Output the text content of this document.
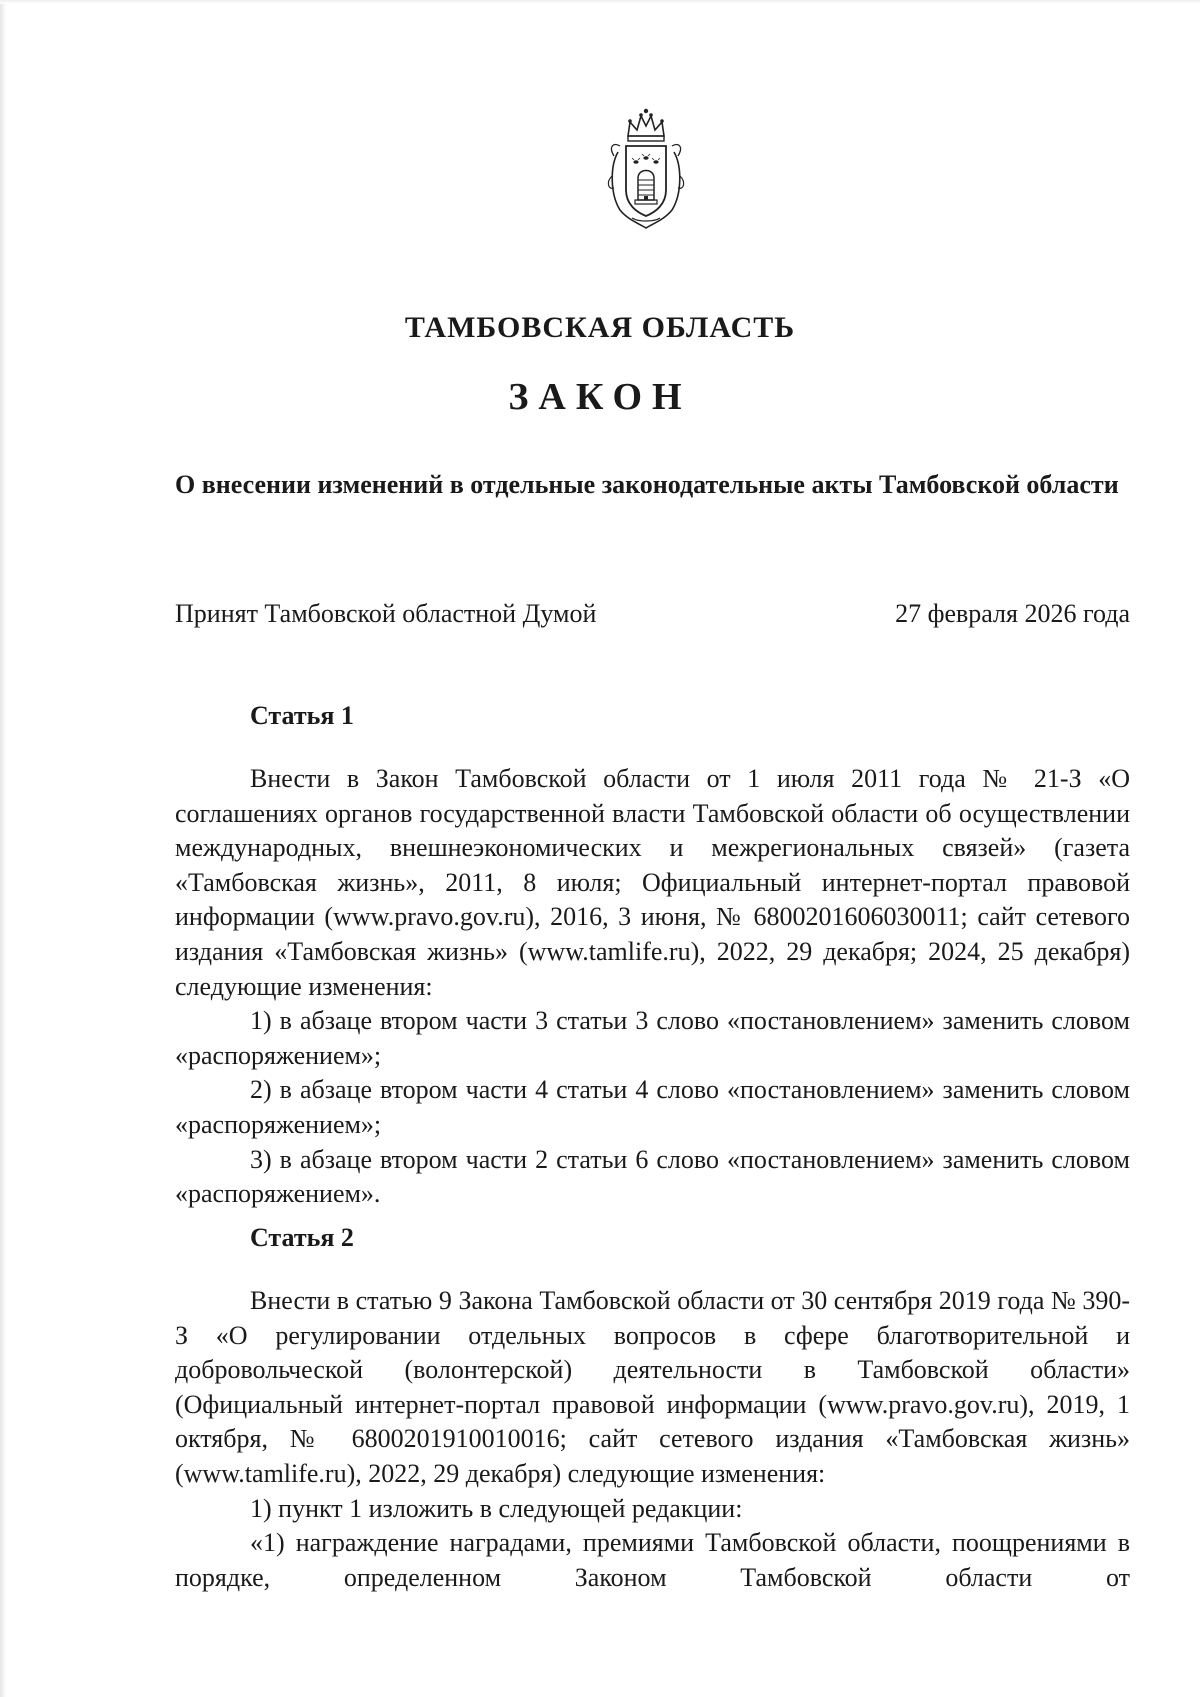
ТАМБОВСКАЯ ОБЛАСТЬ
ЗАКОН
О внесении изменений в отдельные законодательные акты Тамбовской области
Принят Тамбовской областной Думой	27 февраля 2026 года
Статья 1

Внести в Закон Тамбовской области от 1 июля 2011 года № 21-З «О соглашениях органов государственной власти Тамбовской области об осуществлении международных, внешнеэкономических и межрегиональных связей» (газета «Тамбовская жизнь», 2011, 8 июля; Официальный интернет-портал правовой информации (www.pravo.gov.ru), 2016, 3 июня, № 6800201606030011; сайт сетевого издания «Тамбовская жизнь» (www.tamlife.ru), 2022, 29 декабря; 2024, 25 декабря) следующие изменения:

1) в абзаце втором части 3 статьи 3 слово «постановлением» заменить словом «распоряжением»;

2) в абзаце втором части 4 статьи 4 слово «постановлением» заменить словом «распоряжением»;

3) в абзаце втором части 2 статьи 6 слово «постановлением» заменить словом «распоряжением».

Статья 2

Внести в статью 9 Закона Тамбовской области от 30 сентября 2019 года № 390-З «О регулировании отдельных вопросов в сфере благотворительной и добровольческой (волонтерской) деятельности в Тамбовской области» (Официальный интернет-портал правовой информации (www.pravo.gov.ru), 2019, 1 октября, № 6800201910010016; сайт сетевого издания «Тамбовская жизнь» (www.tamlife.ru), 2022, 29 декабря) следующие изменения:

1) пункт 1 изложить в следующей редакции:

«1) награждение наградами, премиями Тамбовской области, поощрениями в порядке, определенном Законом Тамбовской области от
